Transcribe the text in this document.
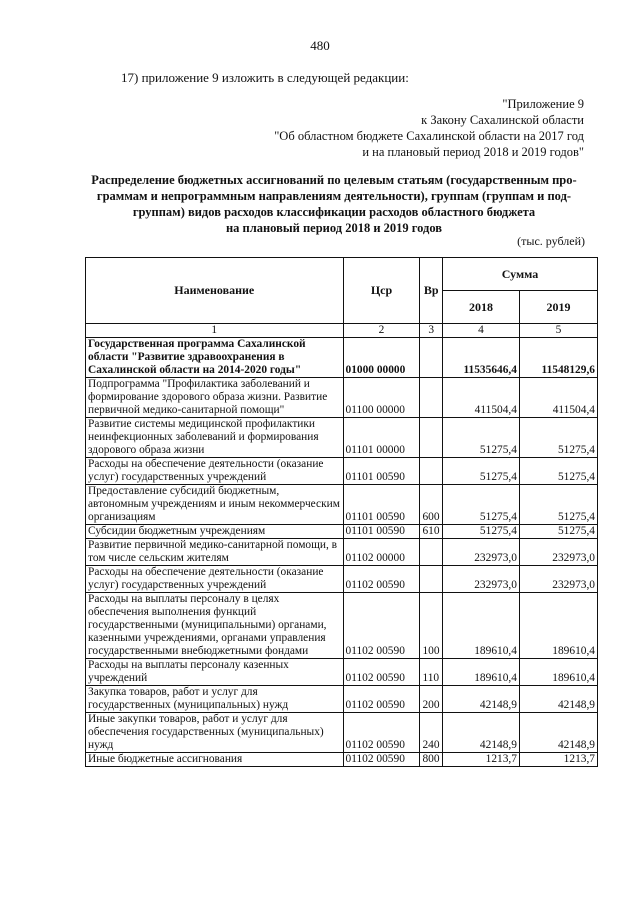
480
17) приложение 9 изложить в следующей редакции:
"Приложение 9
к Закону Сахалинской области
"Об областном бюджете Сахалинской области на 2017 год
и на плановый период 2018 и 2019 годов"
Распределение бюджетных ассигнований по целевым статьям (государственным про-
граммам и непрограммным направлениям деятельности), группам (группам и под-
группам) видов расходов классификации расходов областного бюджета
на плановый период 2018 и 2019 годов
(тыс. рублей)
Наименование	Цср	Вр	Сумма	
			2018	2019
1	2	3	4	5
Государственная программа Сахалинской области "Развитие здравоохранения в Сахалинской области на 2014-2020 годы"	01000 00000		11535646,4	11548129,6
Подпрограмма "Профилактика заболеваний и формирование здорового образа жизни. Развитие первичной медико-санитарной помощи"	01100 00000		411504,4	411504,4
Развитие системы медицинской профилактики неинфекционных заболеваний и формирования здорового образа жизни	01101 00000		51275,4	51275,4
Расходы на обеспечение деятельности (оказание услуг) государственных учреждений	01101 00590		51275,4	51275,4
Предоставление субсидий бюджетным, автономным учреждениям и иным некоммерческим организациям	01101 00590	600	51275,4	51275,4
Субсидии бюджетным учреждениям	01101 00590	610	51275,4	51275,4
Развитие первичной медико-санитарной помощи, в том числе сельским жителям	01102 00000		232973,0	232973,0
Расходы на обеспечение деятельности (оказание услуг) государственных учреждений	01102 00590		232973,0	232973,0
Расходы на выплаты персоналу в целях обеспечения выполнения функций государственными (муниципальными) органами, казенными учреждениями, органами управления государственными внебюджетными фондами	01102 00590	100	189610,4	189610,4
Расходы на выплаты персоналу казенных учреждений	01102 00590	110	189610,4	189610,4
Закупка товаров, работ и услуг для государственных (муниципальных) нужд	01102 00590	200	42148,9	42148,9
Иные закупки товаров, работ и услуг для обеспечения государственных (муниципальных) нужд	01102 00590	240	42148,9	42148,9
Иные бюджетные ассигнования	01102 00590	800	1213,7	1213,7
